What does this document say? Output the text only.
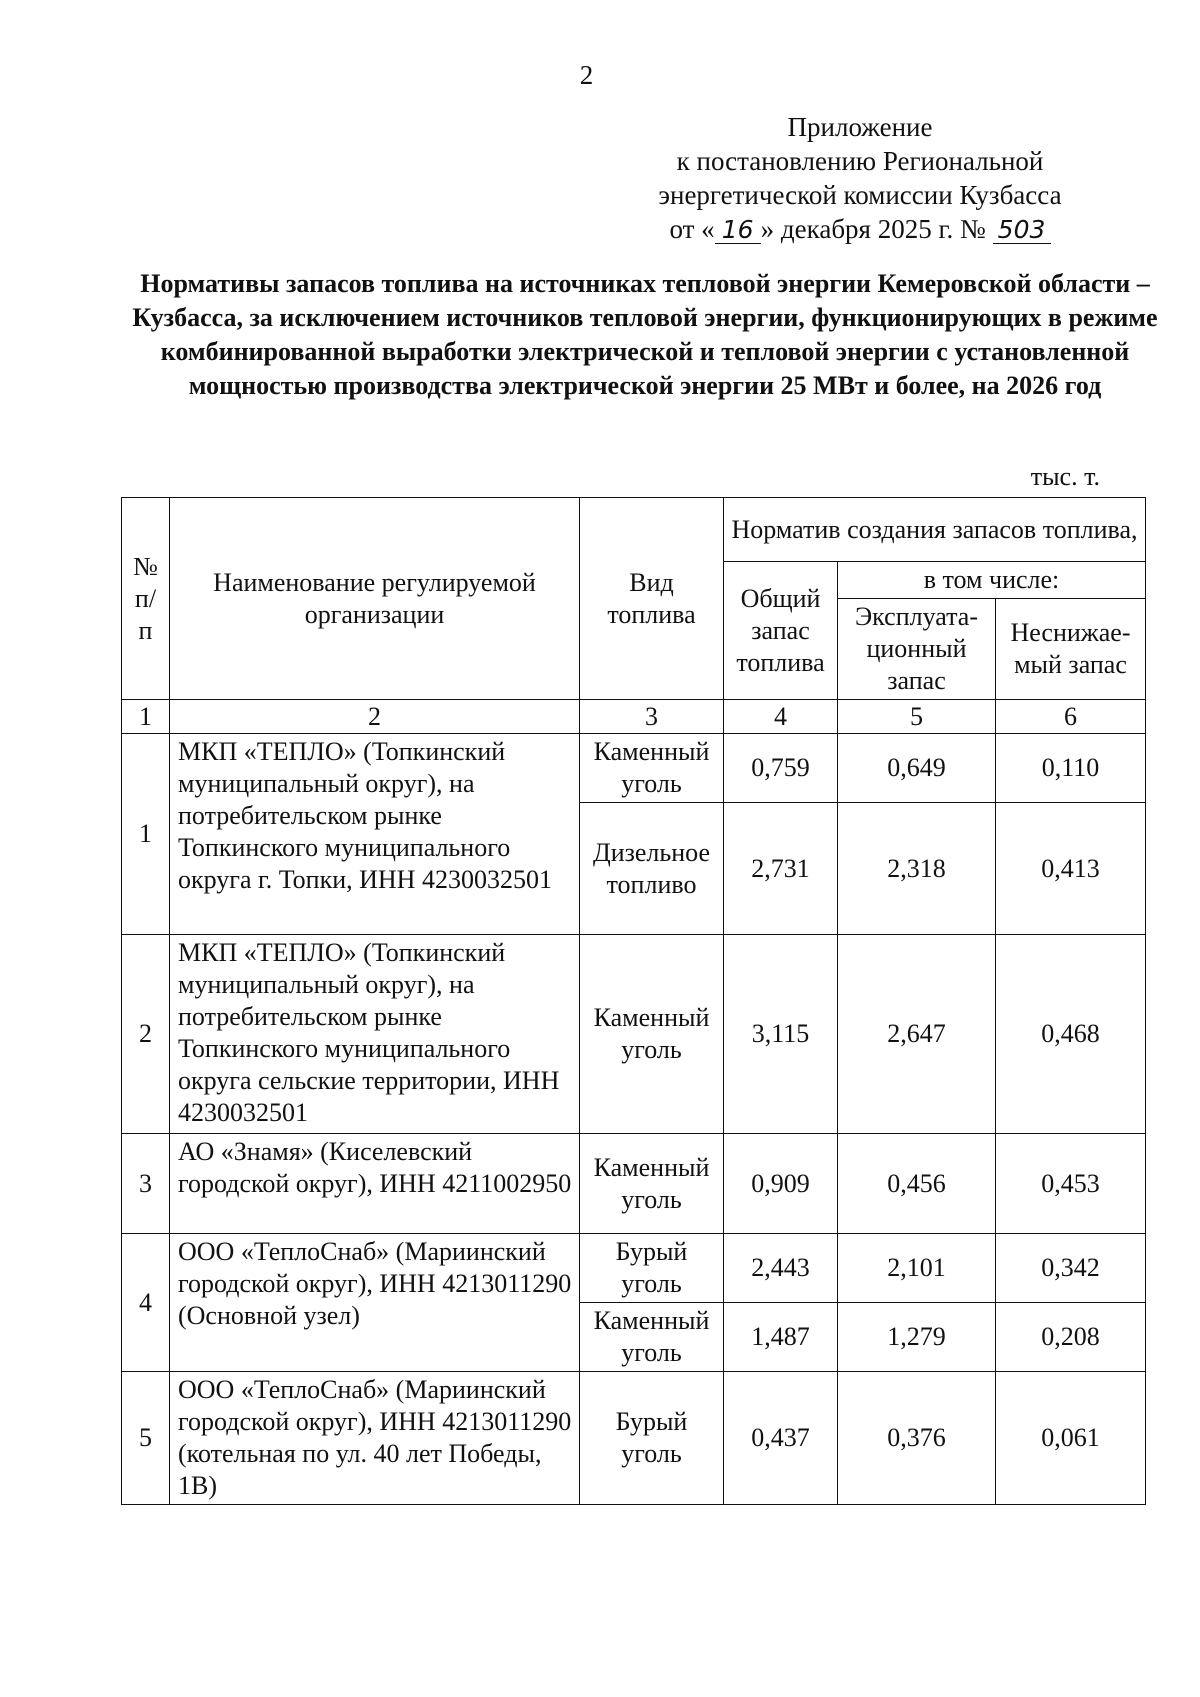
2
Приложение
к постановлению Региональной
энергетической комиссии Кузбасса
от « 16 » декабря 2025 г. № 503
Нормативы запасов топлива на источниках тепловой энергии Кемеровской области – Кузбасса, за исключением источников тепловой энергии, функционирующих в режиме комбинированной выработки электрической и тепловой энергии с установленной мощностью производства электрической энергии 25 МВт и более, на 2026 год
тыс. т.
№ п/п	Наименование регулируемой организации	Вид топлива	Норматив создания запасов топлива,		
			Общий запас топлива	в том числе:	
				Эксплуата-ционный запас	Неснижае-мый запас
1	2	3	4	5	6
1	МКП «ТЕПЛО» (Топкинский муниципальный округ), на потребительском рынке Топкинского муниципального округа г. Топки, ИНН 4230032501	Каменный уголь	0,759	0,649	0,110
		Дизельное топливо	2,731	2,318	0,413
2	МКП «ТЕПЛО» (Топкинский муниципальный округ), на потребительском рынке Топкинского муниципального округа сельские территории, ИНН 4230032501	Каменный уголь	3,115	2,647	0,468
3	АО «Знамя» (Киселевский городской округ), ИНН 4211002950	Каменный уголь	0,909	0,456	0,453
4	ООО «ТеплоСнаб» (Мариинский городской округ), ИНН 4213011290 (Основной узел)	Бурый уголь	2,443	2,101	0,342
		Каменный уголь	1,487	1,279	0,208
5	ООО «ТеплоСнаб» (Мариинский городской округ), ИНН 4213011290 (котельная по ул. 40 лет Победы, 1В)	Бурый уголь	0,437	0,376	0,061
